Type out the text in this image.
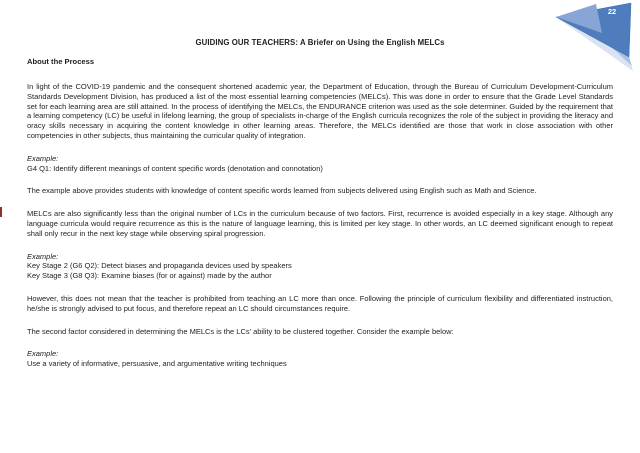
22
GUIDING OUR TEACHERS: A Briefer on Using the English MELCs
About the Process
In light of the COVID-19 pandemic and the consequent shortened academic year, the Department of Education, through the Bureau of Curriculum Development-Curriculum Standards Development Division, has produced a list of the most essential learning competencies (MELCs). This was done in order to ensure that the Grade Level Standards set for each learning area are still attained. In the process of identifying the MELCs, the ENDURANCE criterion was used as the sole determiner. Guided by the requirement that a learning competency (LC) be useful in lifelong learning, the group of specialists in-charge of the English curricula recognizes the role of the subject in providing the literacy and oracy skills necessary in acquiring the content knowledge in other learning areas. Therefore, the MELCs identified are those that work in close association with other competencies in other subjects, thus maintaining the curricular quality of integration.
Example:
G4 Q1: Identify different meanings of content specific words (denotation and connotation)
The example above provides students with knowledge of content specific words learned from subjects delivered using English such as Math and Science.
MELCs are also significantly less than the original number of LCs in the curriculum because of two factors. First, recurrence is avoided especially in a key stage. Although any language curricula would require recurrence as this is the nature of language learning, this is limited per key stage. In other words, an LC deemed significant enough to repeat shall only recur in the next key stage while observing spiral progression.
Example:
Key Stage 2 (G6 Q2): Detect biases and propaganda devices used by speakers
Key Stage 3 (G8 Q3): Examine biases (for or against) made by the author
However, this does not mean that the teacher is prohibited from teaching an LC more than once. Following the principle of curriculum flexibility and differentiated instruction, he/she is strongly advised to put focus, and therefore repeat an LC should circumstances require.
The second factor considered in determining the MELCs is the LCs’ ability to be clustered together. Consider the example below:
Example:
Use a variety of informative, persuasive, and argumentative writing techniques
